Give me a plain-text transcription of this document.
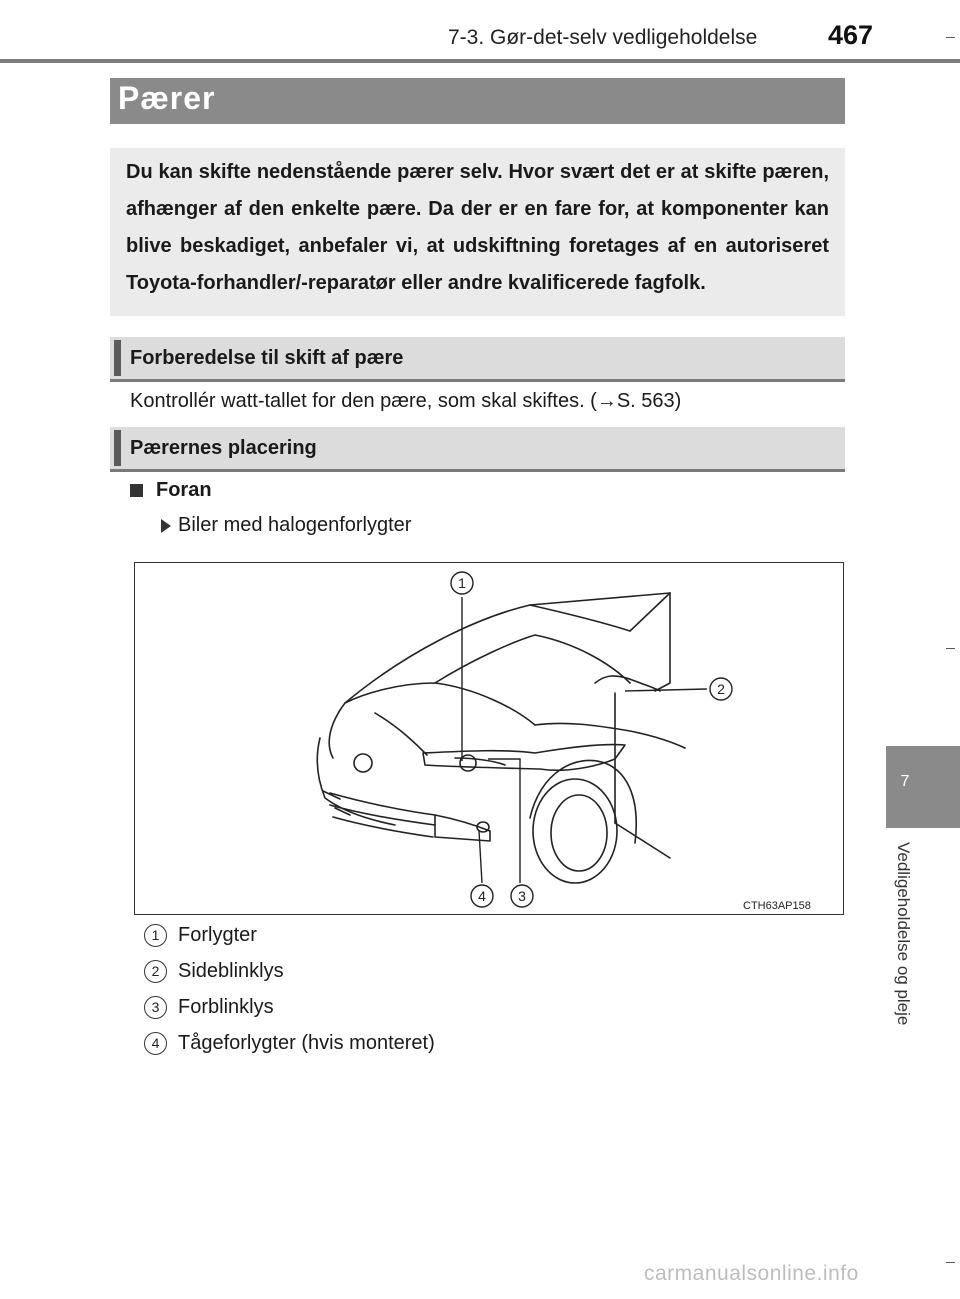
7-3. Gør-det-selv vedligeholdelse	467
Pærer
Du kan skifte nedenstående pærer selv. Hvor svært det er at skifte pæren, afhænger af den enkelte pære. Da der er en fare for, at komponenter kan blive beskadiget, anbefaler vi, at udskiftning foretages af en autoriseret Toyota-forhandler/-reparatør eller andre kvalificerede fagfolk.
Forberedelse til skift af pære
Kontrollér watt-tallet for den pære, som skal skiftes. (→S. 563)
Pærernes placering
Foran
Biler med halogenforlygter
1
2
3
4
CTH63AP158
1 Forlygter
2 Sideblinklys
3 Forblinklys
4 Tågeforlygter (hvis monteret)
7
Vedligeholdelse og pleje
carmanualsonline.info
